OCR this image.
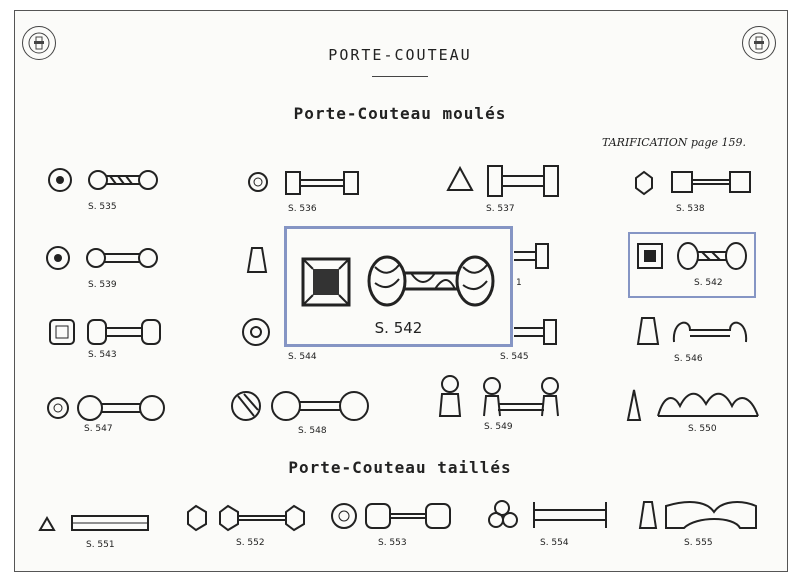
PORTE-COUTEAU
Porte-Couteau moulés
TARIFICATION page 159.
S. 535	S. 536	S. 537	S. 538
S. 539	1	S. 542
S. 543	S. 544	S. 545	S. 546
S. 547	S. 548	S. 549	S. 550
Porte-Couteau taillés
S. 551	S. 552	S. 553	S. 554	S. 555
S. 542
